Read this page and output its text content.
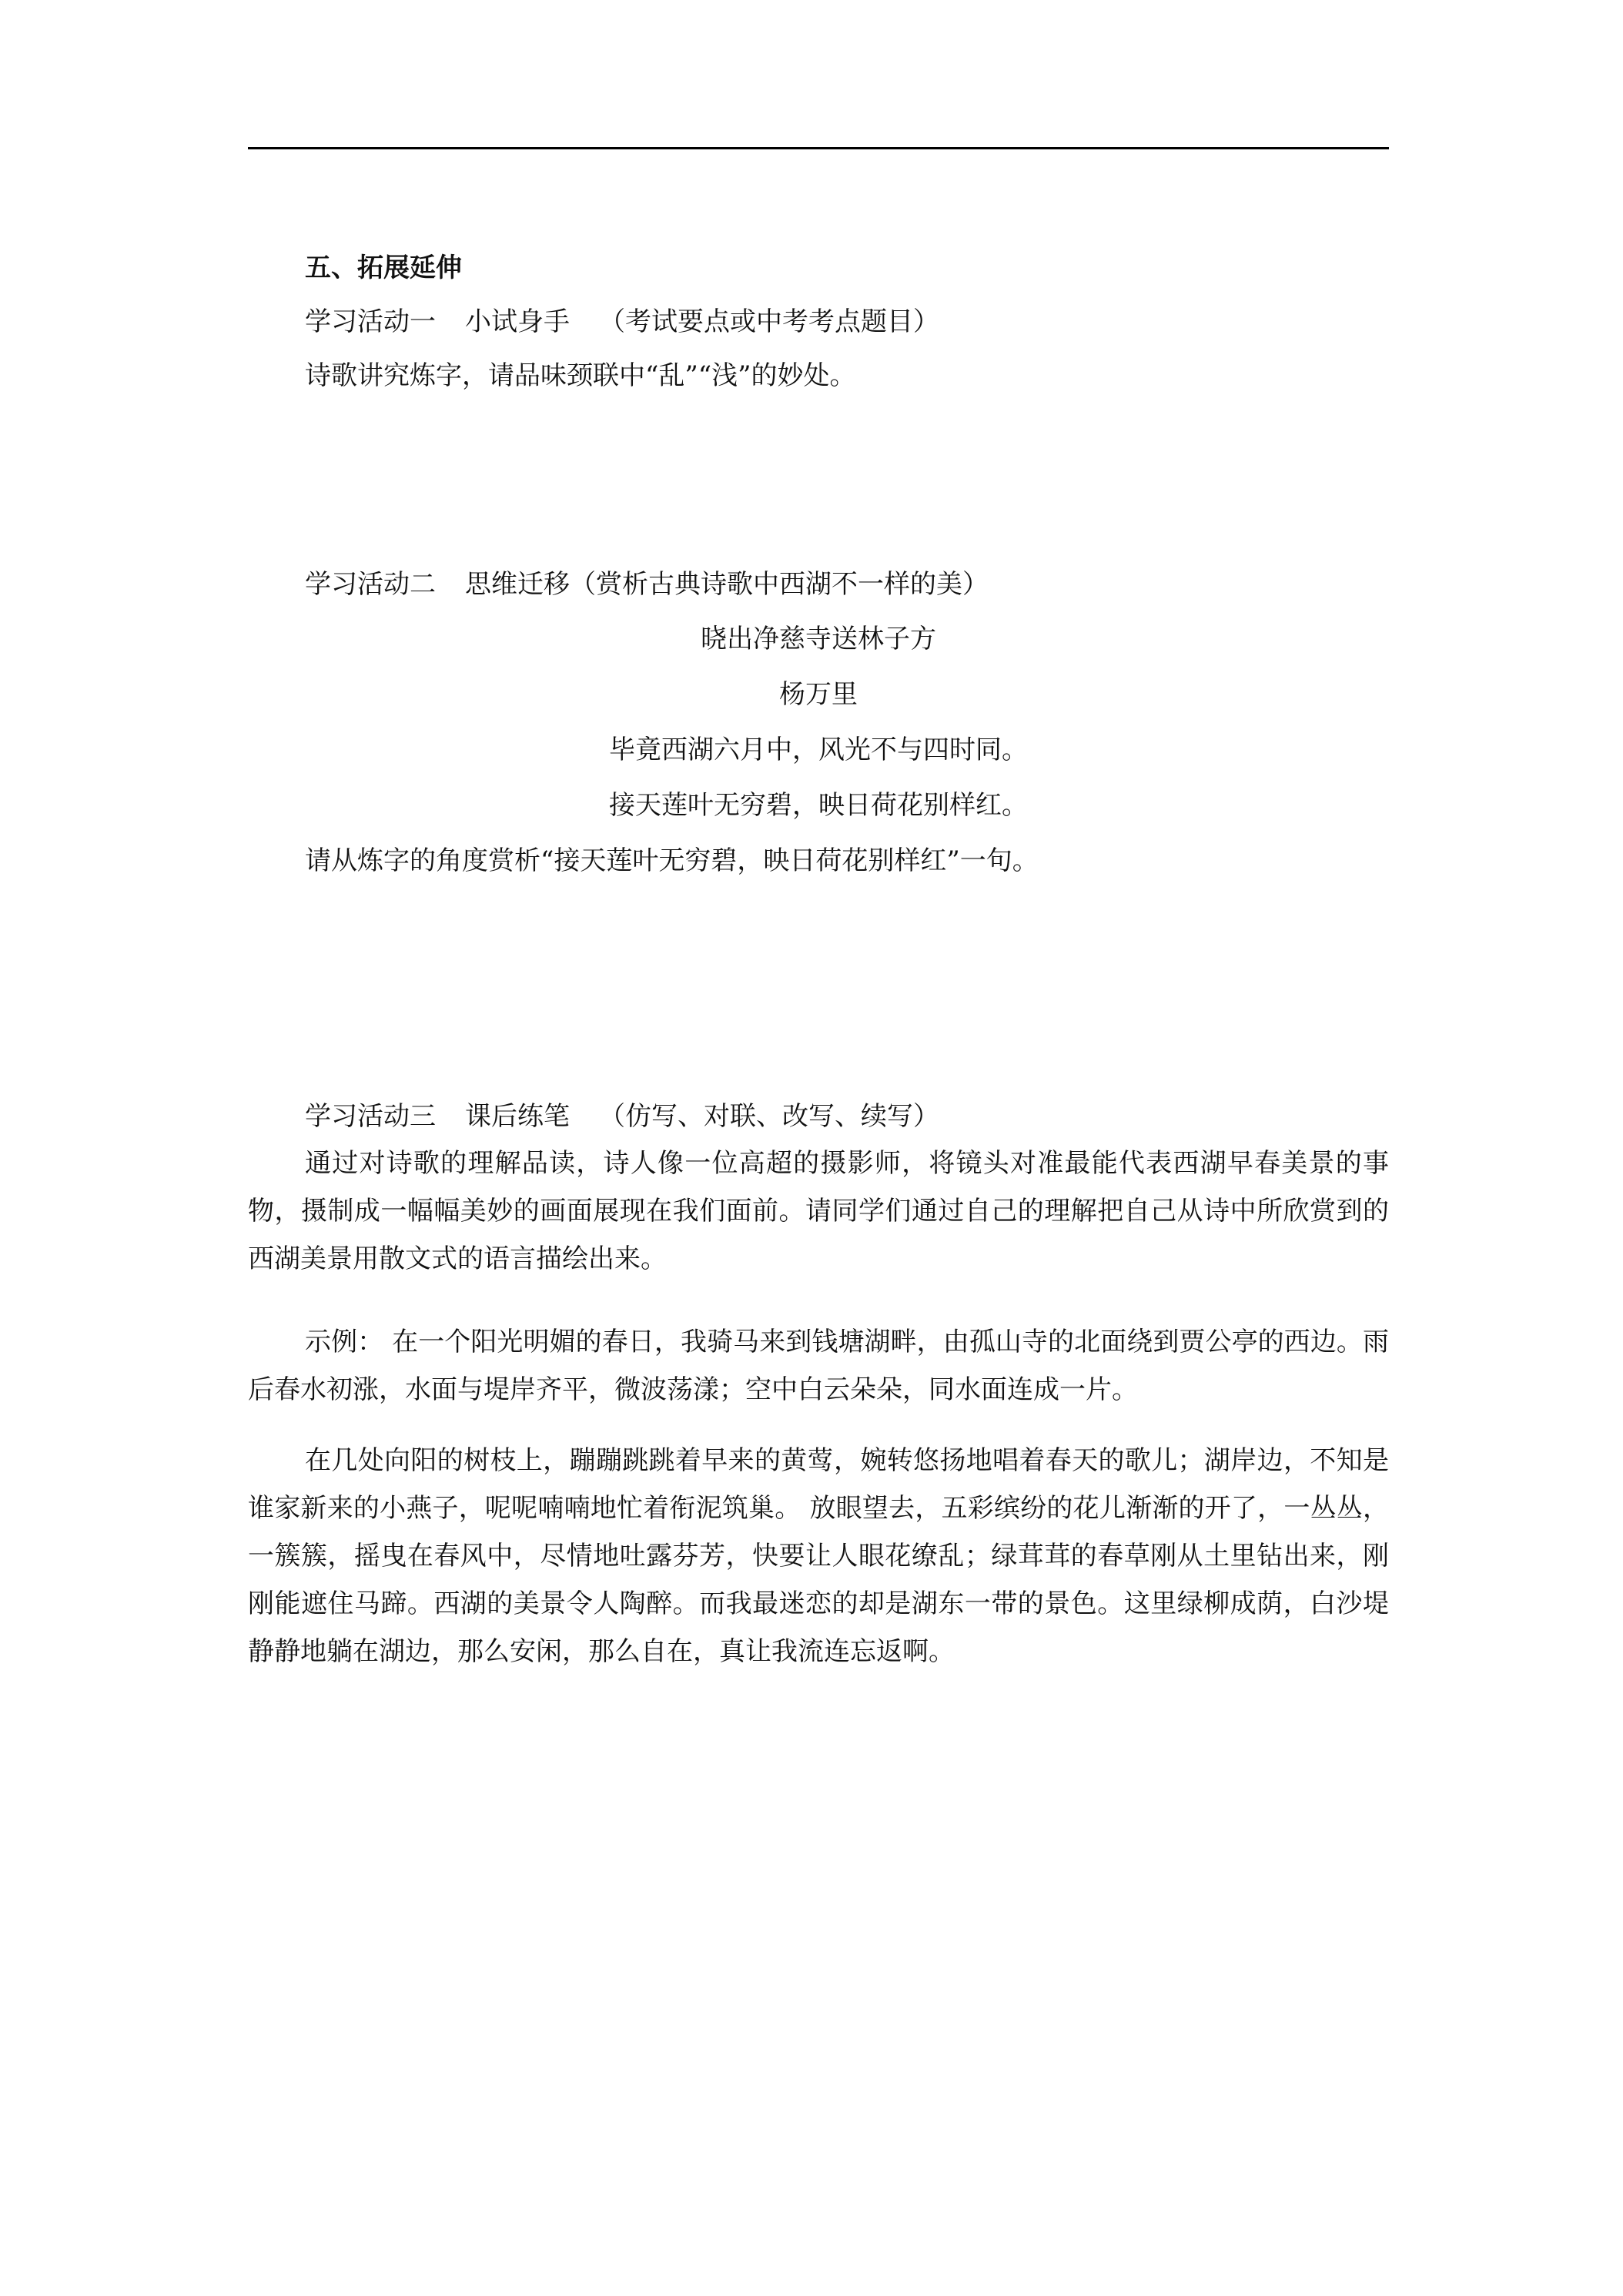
五、拓展延伸
学习活动一 小试身手 （考试要点或中考考点题目）
诗歌讲究炼字，请品味颈联中“乱”“浅”的妙处。
学习活动二 思维迁移（赏析古典诗歌中西湖不一样的美）
晓出净慈寺送林子方
杨万里
毕竟西湖六月中，风光不与四时同。
接天莲叶无穷碧，映日荷花别样红。
请从炼字的角度赏析“接天莲叶无穷碧，映日荷花别样红”一句。
学习活动三 课后练笔 （仿写、对联、改写、续写）

通过对诗歌的理解品读，诗人像一位高超的摄影师，将镜头对准最能代表西湖早春美景的事物，摄制成一幅幅美妙的画面展现在我们面前。请同学们通过自己的理解把自己从诗中所欣赏到的西湖美景用散文式的语言描绘出来。

示例： 在一个阳光明媚的春日，我骑马来到钱塘湖畔，由孤山寺的北面绕到贾公亭的西边。雨后春水初涨，水面与堤岸齐平，微波荡漾；空中白云朵朵，同水面连成一片。

在几处向阳的树枝上，蹦蹦跳跳着早来的黄莺，婉转悠扬地唱着春天的歌儿；湖岸边，不知是谁家新来的小燕子，呢呢喃喃地忙着衔泥筑巢。 放眼望去，五彩缤纷的花儿渐渐的开了，一丛丛，一簇簇，摇曳在春风中，尽情地吐露芬芳，快要让人眼花缭乱；绿茸茸的春草刚从土里钻出来，刚刚能遮住马蹄。西湖的美景令人陶醉。而我最迷恋的却是湖东一带的景色。这里绿柳成荫，白沙堤静静地躺在湖边，那么安闲，那么自在，真让我流连忘返啊。
